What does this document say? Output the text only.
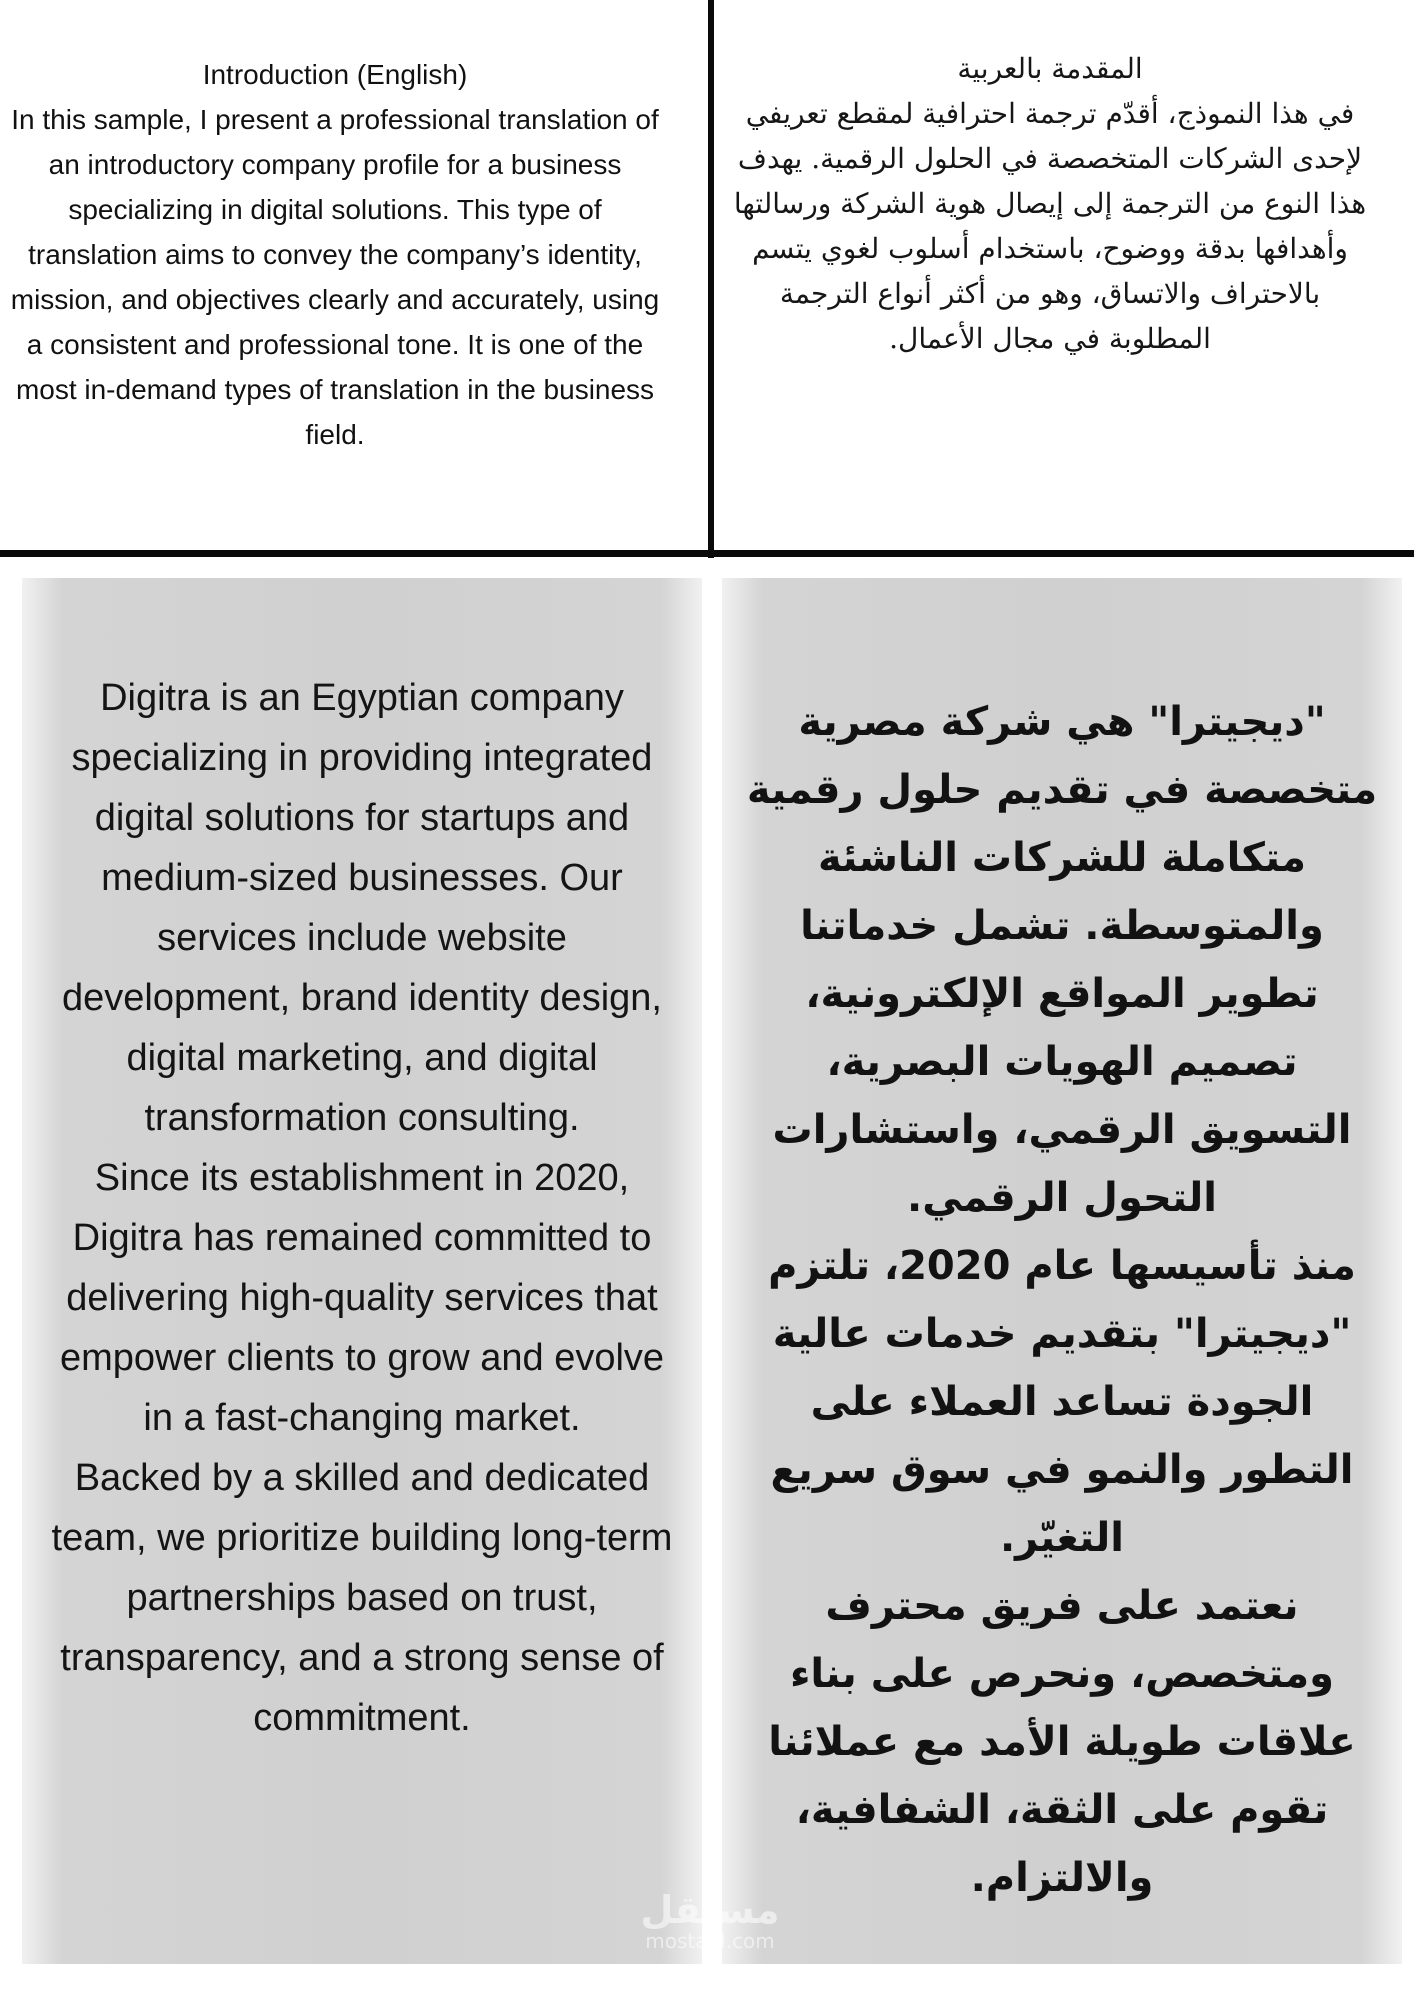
Introduction (English)
In this sample, I present a professional translation of an introductory company profile for a business specializing in digital solutions. This type of translation aims to convey the company’s identity, mission, and objectives clearly and accurately, using a consistent and professional tone. It is one of the most in-demand types of translation in the business field.
المقدمة بالعربية
في هذا النموذج، أقدّم ترجمة احترافية لمقطع تعريفي لإحدى الشركات المتخصصة في الحلول الرقمية. يهدف هذا النوع من الترجمة إلى إيصال هوية الشركة ورسالتها وأهدافها بدقة ووضوح، باستخدام أسلوب لغوي يتسم بالاحتراف والاتساق، وهو من أكثر أنواع الترجمة المطلوبة في مجال الأعمال.

Digitra is an Egyptian company specializing in providing integrated digital solutions for startups and medium-sized businesses. Our services include website development, brand identity design, digital marketing, and digital transformation consulting.

Since its establishment in 2020, Digitra has remained committed to delivering high-quality services that empower clients to grow and evolve in a fast-changing market.

Backed by a skilled and dedicated team, we prioritize building long-term partnerships based on trust, transparency, and a strong sense of commitment.

"ديجيترا" هي شركة مصرية متخصصة في تقديم حلول رقمية متكاملة للشركات الناشئة والمتوسطة. تشمل خدماتنا تطوير المواقع الإلكترونية، تصميم الهويات البصرية، التسويق الرقمي، واستشارات التحول الرقمي.

منذ تأسيسها عام 2020، تلتزم "ديجيترا" بتقديم خدمات عالية الجودة تساعد العملاء على التطور والنمو في سوق سريع التغيّر.

نعتمد على فريق محترف ومتخصص، ونحرص على بناء علاقات طويلة الأمد مع عملائنا تقوم على الثقة، الشفافية، والالتزام.

مستقل
mostaql.com
